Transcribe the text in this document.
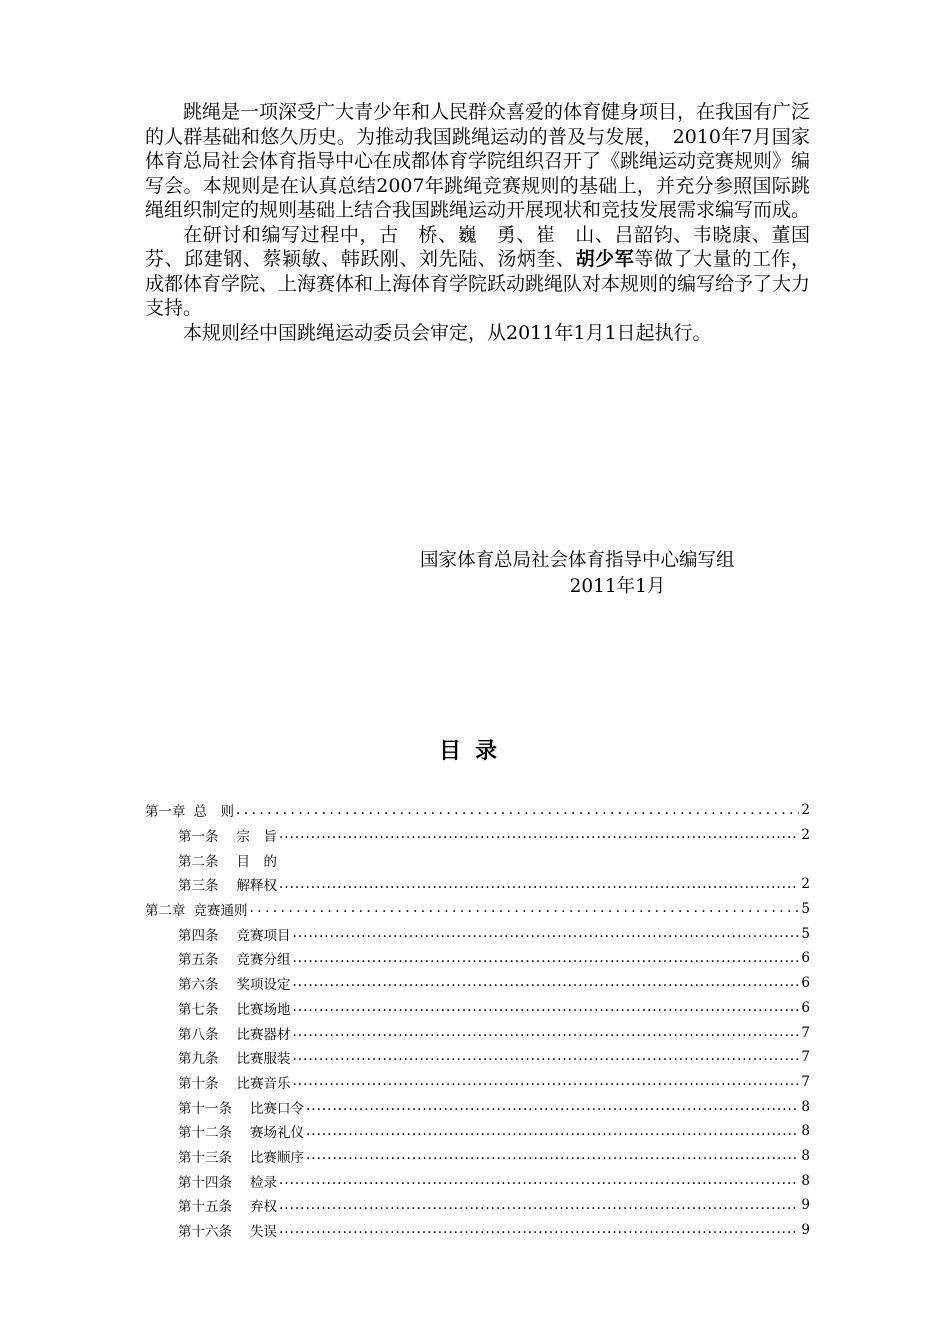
跳绳是一项深受广大青少年和人民群众喜爱的体育健身项目，在我国有广泛的人群基础和悠久历史。为推动我国跳绳运动的普及与发展，　2010年7月国家体育总局社会体育指导中心在成都体育学院组织召开了《跳绳运动竞赛规则》编写会。本规则是在认真总结2007年跳绳竞赛规则的基础上，并充分参照国际跳绳组织制定的规则基础上结合我国跳绳运动开展现状和竞技发展需求编写而成。

在研讨和编写过程中，古　桥、巍　勇、崔　山、吕韶钧、韦晓康、董国芬、邱建钢、蔡颖敏、韩跃刚、刘先陆、汤炳奎、胡少军等做了大量的工作，成都体育学院、上海赛体和上海体育学院跃动跳绳队对本规则的编写给予了大力支持。

本规则经中国跳绳运动委员会审定，从2011年1月1日起执行。

国家体育总局社会体育指导中心编写组
2011年1月
目录
第一章 总　则 .....	2
第一条 宗　旨 .....	2
第二条 目　的
第三条 解释权 .....	2
第二章 竞赛通则 .....	5
第四条 竞赛项目 .....	5
第五条 竞赛分组 .....	6
第六条 奖项设定 .....	6
第七条 比赛场地 .....	6
第八条 比赛器材 .....	7
第九条 比赛服装 .....	7
第十条 比赛音乐 .....	7
第十一条 比赛口令 .....	8
第十二条 赛场礼仪 .....	8
第十三条 比赛顺序 .....	8
第十四条 检录 .....	8
第十五条 弃权 .....	9
第十六条 失误 .....	9
